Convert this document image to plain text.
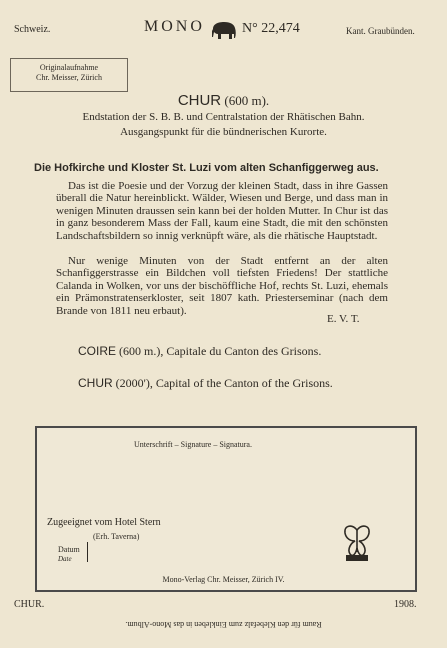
Schweiz.	MONO	N° 22,474	Kant. Graubünden.
Originalaufnahme
Chr. Meisser, Zürich
CHUR (600 m).
Endstation der S. B. B. und Centralstation der Rhätischen Bahn.
Ausgangspunkt für die bündnerischen Kurorte.
Die Hofkirche und Kloster St. Luzi vom alten Schanfiggerweg aus.
Das ist die Poesie und der Vorzug der kleinen Stadt, dass in ihre Gassen überall die Natur hereinblickt. Wälder, Wiesen und Berge, und dass man in wenigen Minuten draussen sein kann bei der holden Mutter. In Chur ist das in ganz besonderem Mass der Fall, kaum eine Stadt, die mit den schönsten Landschaftsbildern so innig verknüpft wäre, als die rhätische Hauptstadt.
Nur wenige Minuten von der Stadt entfernt an der alten Schanfiggerstrasse ein Bildchen voll tiefsten Friedens! Der stattliche Calanda in Wolken, vor uns der bischöffliche Hof, rechts St. Luzi, ehemals ein Prämonstratenserkloster, seit 1807 kath. Priesterseminar (nach dem Brande von 1811 neu erbaut).
E. V. T.
COIRE (600 m.), Capitale du Canton des Grisons.
CHUR (2000'), Capital of the Canton of the Grisons.
Unterschrift – Signature – Signatura.
Zugeeignet vom Hotel Stern
(Erh. Taverna)
Datum
Date
Mono-Verlag Chr. Meisser, Zürich IV.
CHUR.	1908.
Raum für den Klebefalz zum Einkleben in das Mono-Album.
